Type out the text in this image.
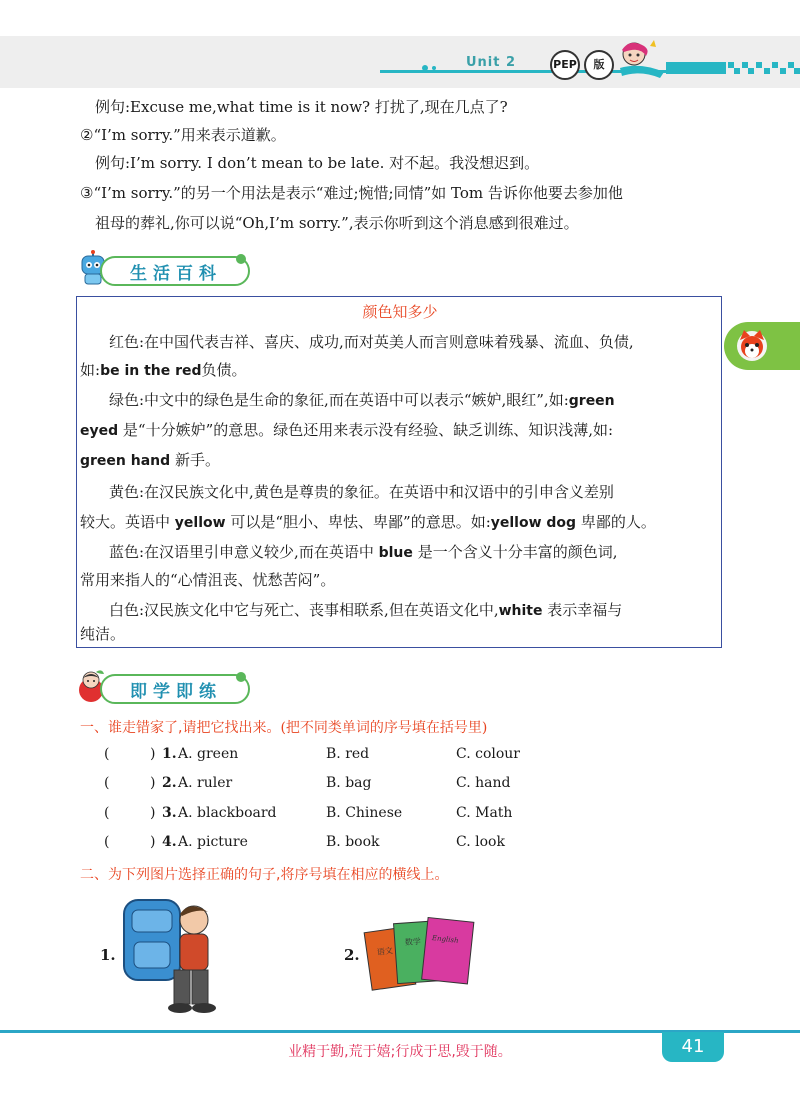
Unit 2	PEP	版
例句:Excuse me,what time is it now? 打扰了,现在几点了?
②“I’m sorry.”用来表示道歉。
例句:I’m sorry. I don’t mean to be late. 对不起。我没想迟到。
③“I’m sorry.”的另一个用法是表示“难过;惋惜;同情”如 Tom 告诉你他要去参加他
祖母的葬礼,你可以说“Oh,I’m sorry.”,表示你听到这个消息感到很难过。
生活百科
颜色知多少
红色:在中国代表吉祥、喜庆、成功,而对英美人而言则意味着残暴、流血、负债,
如:be in the red负债。
绿色:中文中的绿色是生命的象征,而在英语中可以表示“嫉妒,眼红”,如:green
eyed 是“十分嫉妒”的意思。绿色还用来表示没有经验、缺乏训练、知识浅薄,如:
green hand 新手。
黄色:在汉民族文化中,黄色是尊贵的象征。在英语中和汉语中的引申含义差别
较大。英语中 yellow 可以是“胆小、卑怯、卑鄙”的意思。如:yellow dog 卑鄙的人。
蓝色:在汉语里引申意义较少,而在英语中 blue 是一个含义十分丰富的颜色词,
常用来指人的“心情沮丧、忧愁苦闷”。
白色:汉民族文化中它与死亡、丧事相联系,但在英语文化中,white 表示幸福与
纯洁。
即学即练
一、谁走错家了,请把它找出来。(把不同类单词的序号填在括号里)
(	) 1. A. green	B. red	C. colour
(	) 2. A. ruler	B. bag	C. hand
(	) 3. A. blackboard	B. Chinese	C. Math
(	) 4. A. picture	B. book	C. look
二、为下列图片选择正确的句子,将序号填在相应的横线上。
1.	2. 语文
数学 English
业精于勤,荒于嬉;行成于思,毁于随。	41
